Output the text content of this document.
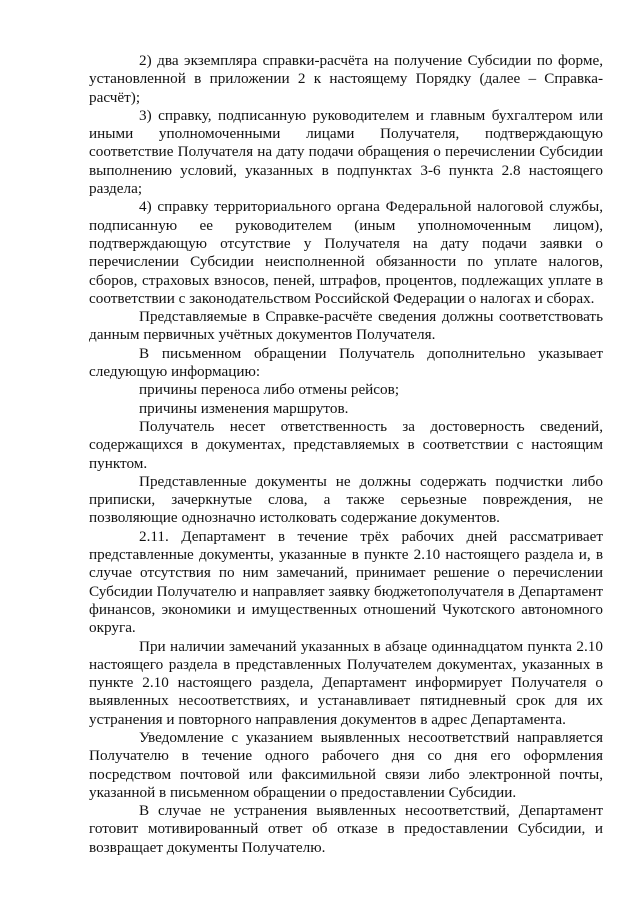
2) два экземпляра справки-расчёта на получение Субсидии по форме, установленной в приложении 2 к настоящему Порядку (далее – Справка-расчёт);

3) справку, подписанную руководителем и главным бухгалтером или иными уполномоченными лицами Получателя, подтверждающую соответствие Получателя на дату подачи обращения о перечислении Субсидии выполнению условий, указанных в подпунктах 3-6 пункта 2.8 настоящего раздела;

4) справку территориального органа Федеральной налоговой службы, подписанную ее руководителем (иным уполномоченным лицом), подтверждающую отсутствие у Получателя на дату подачи заявки о перечислении Субсидии неисполненной обязанности по уплате налогов, сборов, страховых взносов, пеней, штрафов, процентов, подлежащих уплате в соответствии с законодательством Российской Федерации о налогах и сборах.

Представляемые в Справке-расчёте сведения должны соответствовать данным первичных учётных документов Получателя.

В письменном обращении Получатель дополнительно указывает следующую информацию:

причины переноса либо отмены рейсов;

причины изменения маршрутов.

Получатель несет ответственность за достоверность сведений, содержащихся в документах, представляемых в соответствии с настоящим пунктом.

Представленные документы не должны содержать подчистки либо приписки, зачеркнутые слова, а также серьезные повреждения, не позволяющие однозначно истолковать содержание документов.

2.11. Департамент в течение трёх рабочих дней рассматривает представленные документы, указанные в пункте 2.10 настоящего раздела и, в случае отсутствия по ним замечаний, принимает решение о перечислении Субсидии Получателю и направляет заявку бюджетополучателя в Департамент финансов, экономики и имущественных отношений Чукотского автономного округа.

При наличии замечаний указанных в абзаце одиннадцатом пункта 2.10 настоящего раздела в представленных Получателем документах, указанных в пункте 2.10 настоящего раздела, Департамент информирует Получателя о выявленных несоответствиях, и устанавливает пятидневный срок для их устранения и повторного направления документов в адрес Департамента.

Уведомление с указанием выявленных несоответствий направляется Получателю в течение одного рабочего дня со дня его оформления посредством почтовой или факсимильной связи либо электронной почты, указанной в письменном обращении о предоставлении Субсидии.

В случае не устранения выявленных несоответствий, Департамент готовит мотивированный ответ об отказе в предоставлении Субсидии, и возвращает документы Получателю.
